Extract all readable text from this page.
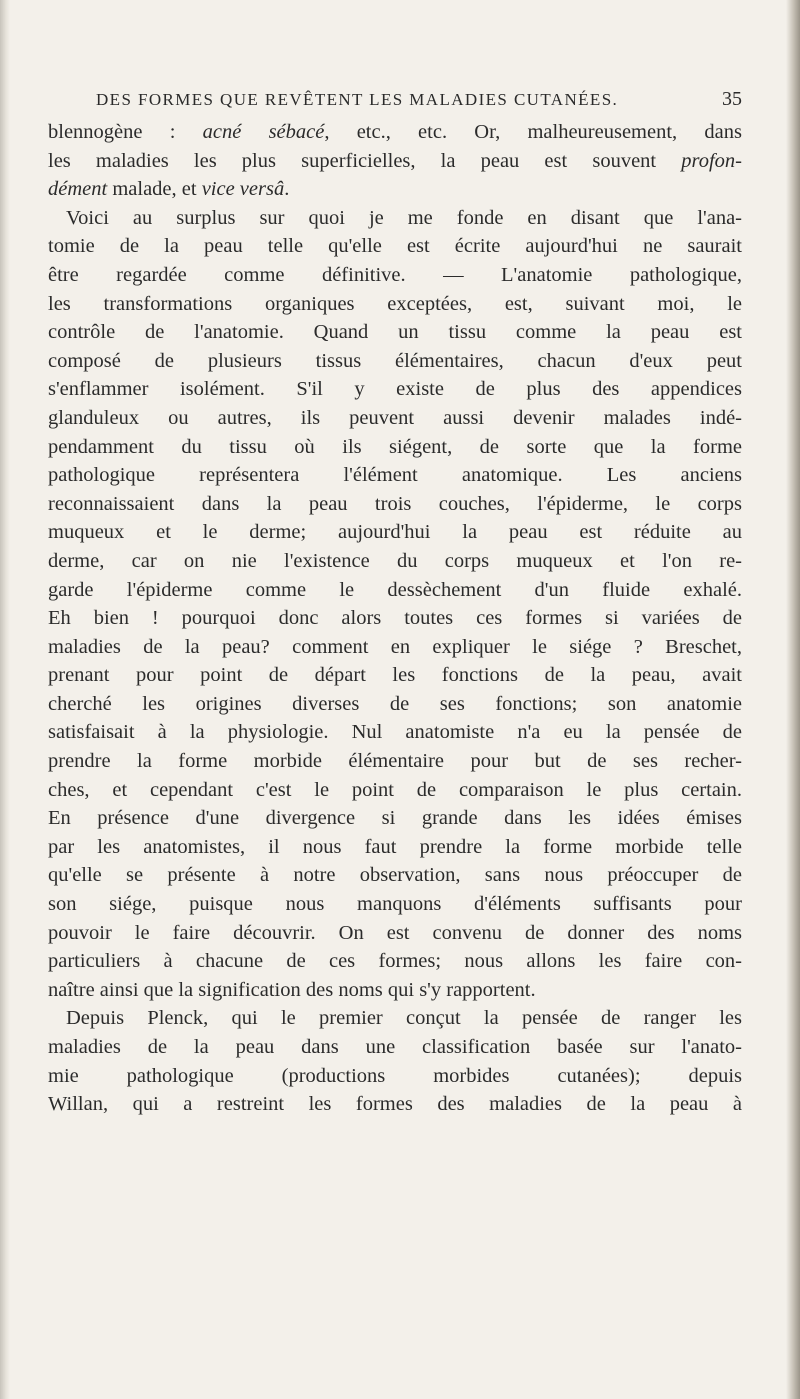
DES FORMES QUE REVÊTENT LES MALADIES CUTANÉES.	35
blennogène : acné sébacé, etc., etc. Or, malheureusement, dans
les maladies les plus superficielles, la peau est souvent profon-
dément malade, et vice versâ.
Voici au surplus sur quoi je me fonde en disant que l'ana-
tomie de la peau telle qu'elle est écrite aujourd'hui ne saurait
être regardée comme définitive. — L'anatomie pathologique,
les transformations organiques exceptées, est, suivant moi, le
contrôle de l'anatomie. Quand un tissu comme la peau est
composé de plusieurs tissus élémentaires, chacun d'eux peut
s'enflammer isolément. S'il y existe de plus des appendices
glanduleux ou autres, ils peuvent aussi devenir malades indé-
pendamment du tissu où ils siégent, de sorte que la forme
pathologique représentera l'élément anatomique. Les anciens
reconnaissaient dans la peau trois couches, l'épiderme, le corps
muqueux et le derme; aujourd'hui la peau est réduite au
derme, car on nie l'existence du corps muqueux et l'on re-
garde l'épiderme comme le dessèchement d'un fluide exhalé.
Eh bien ! pourquoi donc alors toutes ces formes si variées de
maladies de la peau? comment en expliquer le siége ? Breschet,
prenant pour point de départ les fonctions de la peau, avait
cherché les origines diverses de ses fonctions; son anatomie
satisfaisait à la physiologie. Nul anatomiste n'a eu la pensée de
prendre la forme morbide élémentaire pour but de ses recher-
ches, et cependant c'est le point de comparaison le plus certain.
En présence d'une divergence si grande dans les idées émises
par les anatomistes, il nous faut prendre la forme morbide telle
qu'elle se présente à notre observation, sans nous préoccuper de
son siége, puisque nous manquons d'éléments suffisants pour
pouvoir le faire découvrir. On est convenu de donner des noms
particuliers à chacune de ces formes; nous allons les faire con-
naître ainsi que la signification des noms qui s'y rapportent.
Depuis Plenck, qui le premier conçut la pensée de ranger les
maladies de la peau dans une classification basée sur l'anato-
mie pathologique (productions morbides cutanées); depuis
Willan, qui a restreint les formes des maladies de la peau à
